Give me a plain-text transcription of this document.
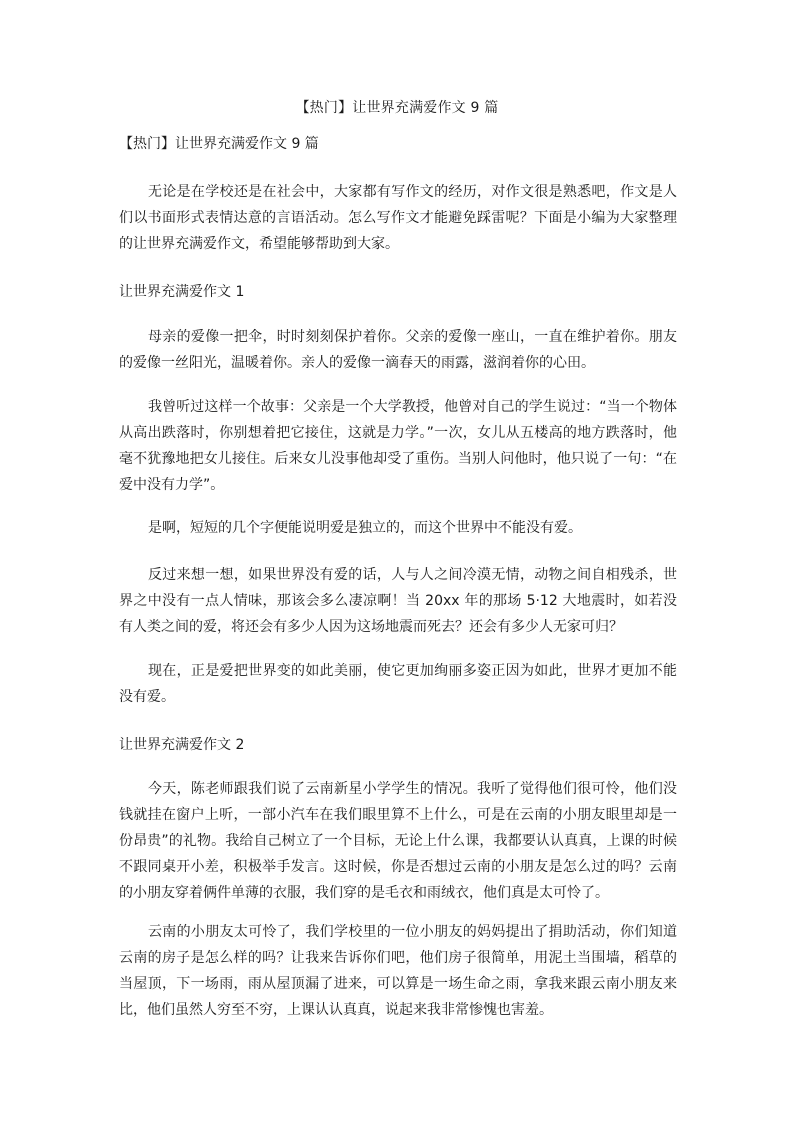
【热门】让世界充满爱作文 9 篇
【热门】让世界充满爱作文 9 篇

无论是在学校还是在社会中，大家都有写作文的经历，对作文很是熟悉吧，作文是人们以书面形式表情达意的言语活动。怎么写作文才能避免踩雷呢？下面是小编为大家整理的让世界充满爱作文，希望能够帮助到大家。

让世界充满爱作文 1

母亲的爱像一把伞，时时刻刻保护着你。父亲的爱像一座山，一直在维护着你。朋友的爱像一丝阳光，温暖着你。亲人的爱像一滴春天的雨露，滋润着你的心田。

我曾听过这样一个故事：父亲是一个大学教授，他曾对自己的学生说过：“当一个物体从高出跌落时，你别想着把它接住，这就是力学。”一次，女儿从五楼高的地方跌落时，他毫不犹豫地把女儿接住。后来女儿没事他却受了重伤。当别人问他时，他只说了一句：“在爱中没有力学”。

是啊，短短的几个字便能说明爱是独立的，而这个世界中不能没有爱。

反过来想一想，如果世界没有爱的话，人与人之间冷漠无情，动物之间自相残杀，世界之中没有一点人情味，那该会多么凄凉啊！当 20xx 年的那场 5·12 大地震时，如若没有人类之间的爱，将还会有多少人因为这场地震而死去？还会有多少人无家可归？

现在，正是爱把世界变的如此美丽，使它更加绚丽多姿正因为如此，世界才更加不能没有爱。

让世界充满爱作文 2

今天，陈老师跟我们说了云南新星小学学生的情况。我听了觉得他们很可怜，他们没钱就挂在窗户上听，一部小汽车在我们眼里算不上什么，可是在云南的小朋友眼里却是一份昂贵”的礼物。我给自己树立了一个目标，无论上什么课，我都要认认真真，上课的时候不跟同桌开小差，积极举手发言。这时候，你是否想过云南的小朋友是怎么过的吗？云南的小朋友穿着俩件单薄的衣服，我们穿的是毛衣和雨绒衣，他们真是太可怜了。

云南的小朋友太可怜了，我们学校里的一位小朋友的妈妈提出了捐助活动，你们知道云南的房子是怎么样的吗？让我来告诉你们吧，他们房子很简单，用泥土当围墙，稻草的当屋顶，下一场雨，雨从屋顶漏了进来，可以算是一场生命之雨，拿我来跟云南小朋友来比，他们虽然人穷至不穷，上课认认真真，说起来我非常惨愧也害羞。
